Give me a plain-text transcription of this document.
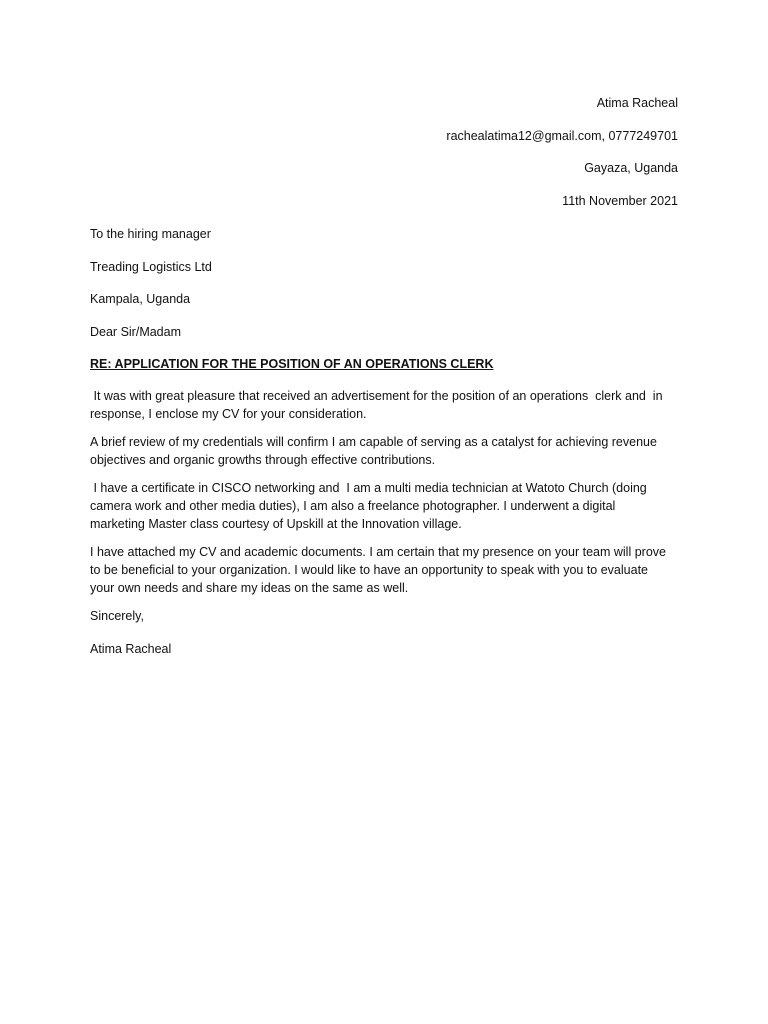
Atima Racheal
rachealatima12@gmail.com, 0777249701
Gayaza, Uganda
11th November 2021
To the hiring manager
Treading Logistics Ltd
Kampala, Uganda
Dear Sir/Madam
RE: APPLICATION FOR THE POSITION OF AN OPERATIONS CLERK
It was with great pleasure that received an advertisement for the position of an operations  clerk and  in
response, I enclose my CV for your consideration.
A brief review of my credentials will confirm I am capable of serving as a catalyst for achieving revenue
objectives and organic growths through effective contributions.
I have a certificate in CISCO networking and  I am a multi media technician at Watoto Church (doing
camera work and other media duties), I am also a freelance photographer. I underwent a digital
marketing Master class courtesy of Upskill at the Innovation village.
I have attached my CV and academic documents. I am certain that my presence on your team will prove
to be beneficial to your organization. I would like to have an opportunity to speak with you to evaluate
your own needs and share my ideas on the same as well.
Sincerely,
Atima Racheal
